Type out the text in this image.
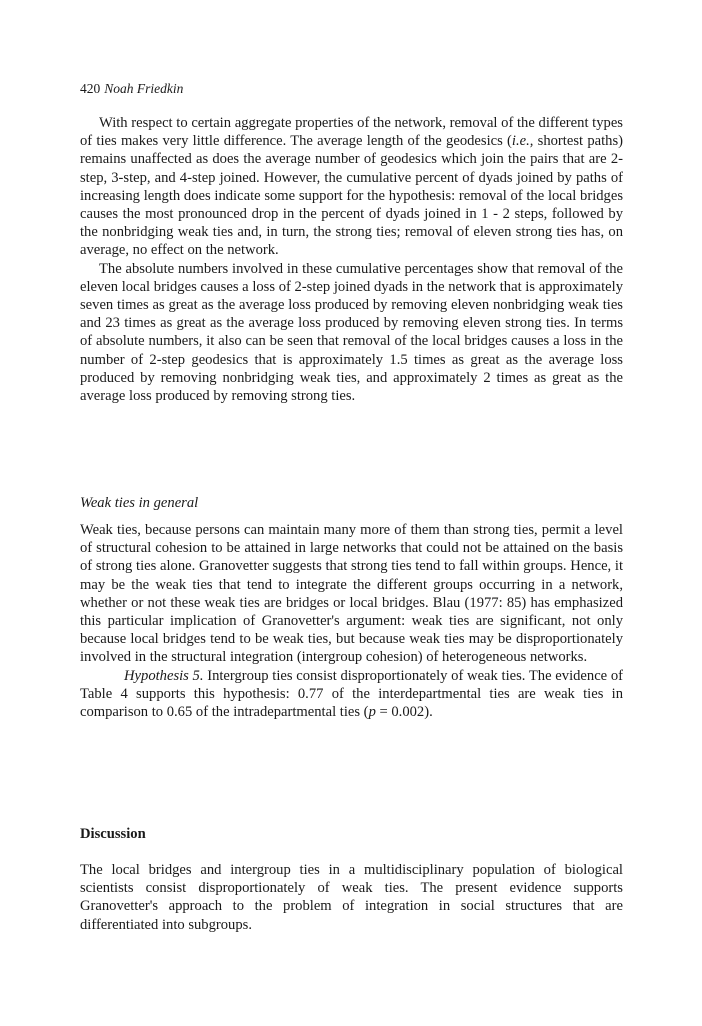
420 Noah Friedkin

With respect to certain aggregate properties of the network, removal of the different types of ties makes very little difference. The average length of the geodesics (i.e., shortest paths) remains unaffected as does the average number of geodesics which join the pairs that are 2-step, 3-step, and 4-step joined. However, the cumulative percent of dyads joined by paths of increasing length does indicate some support for the hypothesis: removal of the local bridges causes the most pronounced drop in the percent of dyads joined in 1 - 2 steps, followed by the nonbridging weak ties and, in turn, the strong ties; removal of eleven strong ties has, on average, no effect on the network.

The absolute numbers involved in these cumulative percentages show that removal of the eleven local bridges causes a loss of 2-step joined dyads in the network that is approximately seven times as great as the average loss produced by removing eleven nonbridging weak ties and 23 times as great as the average loss produced by removing eleven strong ties. In terms of absolute numbers, it also can be seen that removal of the local bridges causes a loss in the number of 2-step geodesics that is approximately 1.5 times as great as the average loss produced by removing nonbridging weak ties, and approximately 2 times as great as the average loss produced by removing strong ties.

Weak ties in general

Weak ties, because persons can maintain many more of them than strong ties, permit a level of structural cohesion to be attained in large networks that could not be attained on the basis of strong ties alone. Granovetter suggests that strong ties tend to fall within groups. Hence, it may be the weak ties that tend to integrate the different groups occurring in a network, whether or not these weak ties are bridges or local bridges. Blau (1977: 85) has emphasized this particular implication of Granovetter's argument: weak ties are significant, not only because local bridges tend to be weak ties, but because weak ties may be disproportionately involved in the structural integration (intergroup cohesion) of heterogeneous networks.

Hypothesis 5. Intergroup ties consist disproportionately of weak ties. The evidence of Table 4 supports this hypothesis: 0.77 of the interdepartmental ties are weak ties in comparison to 0.65 of the intradepartmental ties (p = 0.002).

Discussion

The local bridges and intergroup ties in a multidisciplinary population of biological scientists consist disproportionately of weak ties. The present evidence supports Granovetter's approach to the problem of integration in social structures that are differentiated into subgroups.
